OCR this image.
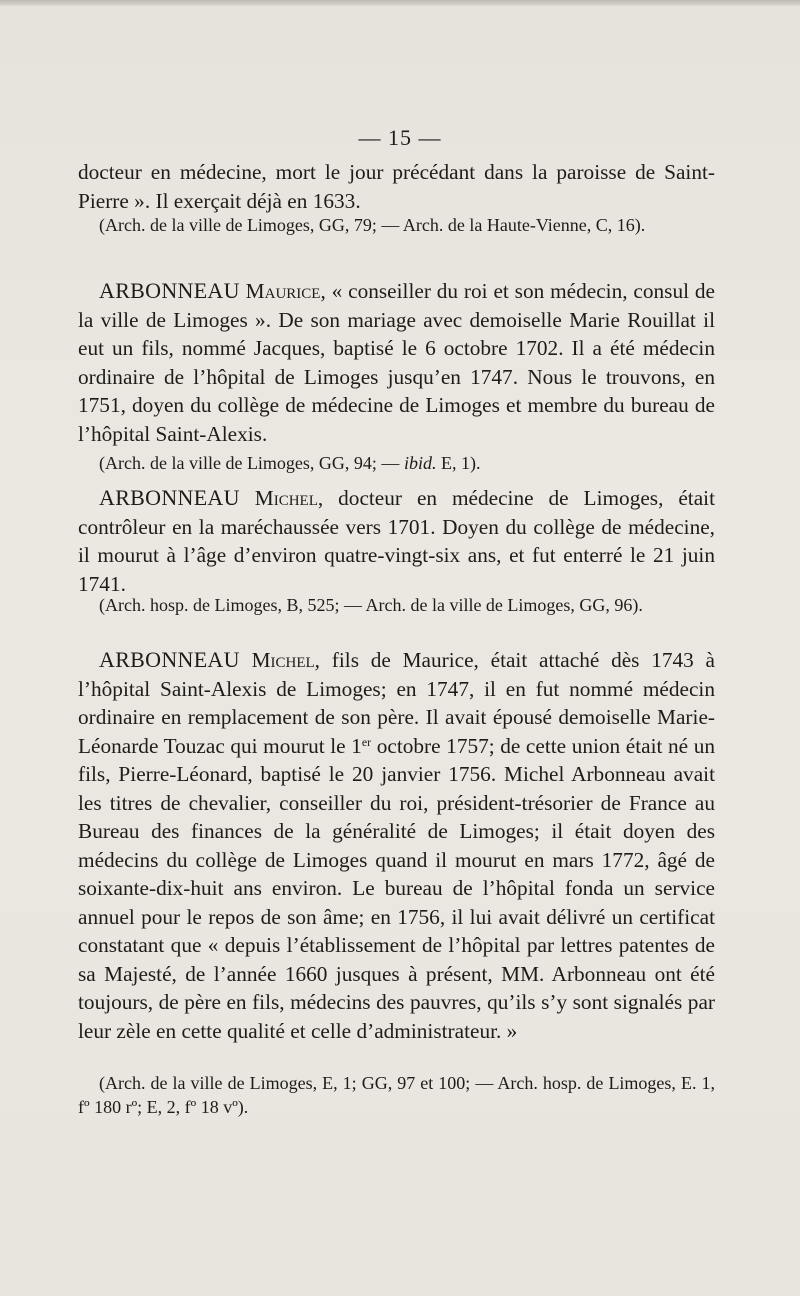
— 15 —

docteur en médecine, mort le jour précédant dans la paroisse de Saint-Pierre ». Il exerçait déjà en 1633.

(Arch. de la ville de Limoges, GG, 79; — Arch. de la Haute-Vienne, C, 16).

ARBONNEAU Maurice, « conseiller du roi et son médecin, consul de la ville de Limoges ». De son mariage avec demoiselle Marie Rouillat il eut un fils, nommé Jacques, baptisé le 6 octobre 1702. Il a été médecin ordinaire de l’hôpital de Limoges jusqu’en 1747. Nous le trouvons, en 1751, doyen du collège de médecine de Limoges et membre du bureau de l’hôpital Saint-Alexis.

(Arch. de la ville de Limoges, GG, 94; — ibid. E, 1).

ARBONNEAU Michel, docteur en médecine de Limoges, était contrôleur en la maréchaussée vers 1701. Doyen du collège de médecine, il mourut à l’âge d’environ quatre-vingt-six ans, et fut enterré le 21 juin 1741.

(Arch. hosp. de Limoges, B, 525; — Arch. de la ville de Limoges, GG, 96).

ARBONNEAU Michel, fils de Maurice, était attaché dès 1743 à l’hôpital Saint-Alexis de Limoges; en 1747, il en fut nommé médecin ordinaire en remplacement de son père. Il avait épousé demoiselle Marie-Léonarde Touzac qui mourut le 1er octobre 1757; de cette union était né un fils, Pierre-Léonard, baptisé le 20 janvier 1756. Michel Arbonneau avait les titres de chevalier, conseiller du roi, président-trésorier de France au Bureau des finances de la généralité de Limoges; il était doyen des médecins du collège de Limoges quand il mourut en mars 1772, âgé de soixante-dix-huit ans environ. Le bureau de l’hôpital fonda un service annuel pour le repos de son âme; en 1756, il lui avait délivré un certificat constatant que « depuis l’établissement de l’hôpital par lettres patentes de sa Majesté, de l’année 1660 jusques à présent, MM. Arbonneau ont été toujours, de père en fils, médecins des pauvres, qu’ils s’y sont signalés par leur zèle en cette qualité et celle d’administrateur. »

(Arch. de la ville de Limoges, E, 1; GG, 97 et 100; — Arch. hosp. de Limoges, E. 1, fº 180 rº; E, 2, fº 18 vº).
